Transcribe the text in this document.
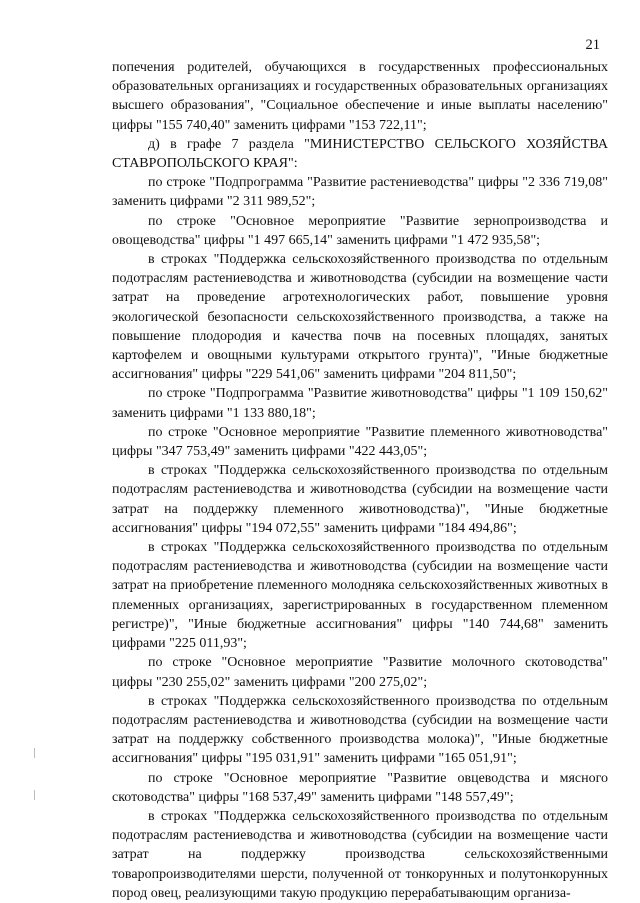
21

попечения родителей, обучающихся в государственных профессиональных образовательных организациях и государственных образовательных организациях высшего образования", "Социальное обеспечение и иные выплаты населению" цифры "155 740,40" заменить цифрами "153 722,11";

д) в графе 7 раздела "МИНИСТЕРСТВО СЕЛЬСКОГО ХОЗЯЙСТВА СТАВРОПОЛЬСКОГО КРАЯ":

по строке "Подпрограмма "Развитие растениеводства" цифры "2 336 719,08" заменить цифрами "2 311 989,52";

по строке "Основное мероприятие "Развитие зернопроизводства и овощеводства" цифры "1 497 665,14" заменить цифрами "1 472 935,58";

в строках "Поддержка сельскохозяйственного производства по отдельным подотраслям растениеводства и животноводства (субсидии на возмещение части затрат на проведение агротехнологических работ, повышение уровня экологической безопасности сельскохозяйственного производства, а также на повышение плодородия и качества почв на посевных площадях, занятых картофелем и овощными культурами открытого грунта)", "Иные бюджетные ассигнования" цифры "229 541,06" заменить цифрами "204 811,50";

по строке "Подпрограмма "Развитие животноводства" цифры "1 109 150,62" заменить цифрами "1 133 880,18";

по строке "Основное мероприятие "Развитие племенного животноводства" цифры "347 753,49" заменить цифрами "422 443,05";

в строках "Поддержка сельскохозяйственного производства по отдельным подотраслям растениеводства и животноводства (субсидии на возмещение части затрат на поддержку племенного животноводства)", "Иные бюджетные ассигнования" цифры "194 072,55" заменить цифрами "184 494,86";

в строках "Поддержка сельскохозяйственного производства по отдельным подотраслям растениеводства и животноводства (субсидии на возмещение части затрат на приобретение племенного молодняка сельскохозяйственных животных в племенных организациях, зарегистрированных в государственном племенном регистре)", "Иные бюджетные ассигнования" цифры "140 744,68" заменить цифрами "225 011,93";

по строке "Основное мероприятие "Развитие молочного скотоводства" цифры "230 255,02" заменить цифрами "200 275,02";

в строках "Поддержка сельскохозяйственного производства по отдельным подотраслям растениеводства и животноводства (субсидии на возмещение части затрат на поддержку собственного производства молока)", "Иные бюджетные ассигнования" цифры "195 031,91" заменить цифрами "165 051,91";

по строке "Основное мероприятие "Развитие овцеводства и мясного скотоводства" цифры "168 537,49" заменить цифрами "148 557,49";

в строках "Поддержка сельскохозяйственного производства по отдельным подотраслям растениеводства и животноводства (субсидии на возмещение части затрат на поддержку производства сельскохозяйственными товаропроизводителями шерсти, полученной от тонкорунных и полутонкорунных пород овец, реализующими такую продукцию перерабатывающим организа-
